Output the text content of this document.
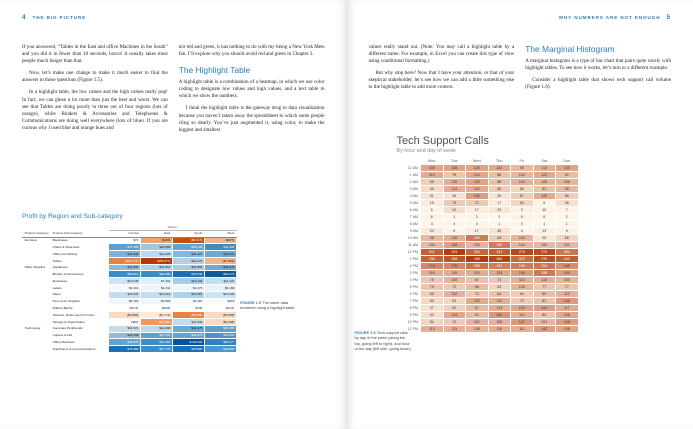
4 THE BIG PICTURE

If you answered, “Tables in the East and office Machines in the South” and you did it in fewer than 10 seconds, bravo! It usually takes most people much longer than that.

Now, let’s make one change to make it much easier to find the answers to those questions (Figure 1.5).

In a highlight table, the low values and the high values really pop! In fact, we can glean a lot more than just the best and worst. We can see that Tables are doing poorly in three out of four regions (lots of orange), while Binders & Accessories and Telephones & Communications are doing well everywhere (lots of blue). If you are curious why I used blue and orange hues and

not red and green, it has nothing to do with my being a New York Mets fan. I’ll explore why you should avoid red and green in Chapter 3.

The Highlight Table

A highlight table is a combination of a heatmap, in which we use color coding to designate low values and high values, and a text table in which we show the numbers.

I think the highlight table is the gateway drug to data visualization because you haven’t taken away the spreadsheet to which some people cling so dearly. You’ve just augmented it, using color, to make the biggest and smallest

Profit by Region and Sub-category
		Region			
Product Category	Product Sub-category	Central	East	South	West
Furniture	Bookcases	$73	($483)	($2,417)	($676)
	Chairs & Chairmats	$37,365	$22,583	$34,225	$44,408
	Office Furnishings	$26,295	$14,525	$25,121	$30,941
	Tables	($18,777)	($56,677)	$16,173	($7,063)
Office Supplies	Appliances	$22,990	$16,812	$18,986	$31,275
	Binders & Accessories	$50,812	$52,586	$70,541	$92,273
	Envelopes	$10,645	$7,462	$19,136	$11,222
	Labels	$2,419	$4,341	$3,479	$6,166
	Paper	$11,047	$10,910	$16,987	$10,406
	Pens & Art Supplies	$2,781	$2,850	$1,287	$918
	Rubber Bands	($174)	($238)	$136	($131)
	Scissors, Rulers and Trimmers	($3,566)	($1,774)	($6,903)	($3,968)
	Storage & Organization	($60)	($7,230)	$11,936	($2,038)
Technology	Computer Peripherals	$11,971	$14,808	$30,475	$37,285
	Copiers & Fax	$23,208	$37,594	$36,474	$39,524
	Office Machines	$36,876	$47,283	$129,090	$60,377
	Telephones & Communications	$79,355	$57,725	$78,981	$46,891
FIGURE 1.5 The same data rendered using a highlight table.
WHY NUMBERS ARE NOT ENOUGH 5

values really stand out. (Note: You may call a highlight table by a different name. For example, in Excel you can create this type of view using conditional formatting.)

But why stop here? Now that I have your attention, or that of your skeptical stakeholder, let’s see how we can add a little something else to the highlight table to add more context.

The Marginal Histogram

A marginal histogram is a type of bar chart that pairs quite nicely with highlight tables. To see how it works, let’s turn to a different example.

Consider a highlight table that shows tech support call volume (Figure 1.6).

Tech Support Calls
By hour and day of week
	Mon	Tue	Wed	Thu	Fri	Sat	Sun
12 AM	130	136	130	122	98	113	130
1 AM	119	79	124	86	104	122	92
2 AM	65	115	133	88	109	105	106
3 AM	46	114	119	68	56	83	98
4 AM	31	35	142	30	67	120	66
5 AM	19	73	72	17	53	6	36
6 AM	6	42	17	29	9	10	7
7 AM	6	1	3	2	9	6	2
8 AM	4	4	4	1	3	1	1
9 AM	23	6	17	35	4	13	9
10 AM	98	115	199	69	104	25	56
11 AM	100	135	105	195	104	100	101
12 PM	241	294	230	243	276	273	204
1 PM	236	258	298	284	223	270	242
2 PM	174	176	208	191	196	204	168
3 PM	116	119	119	129	146	198	144
4 PM	75	106	87	74	110	113	103
5 PM	79	72	96	53	105	77	77
6 PM	69	112	73	84	69	89	112
7 PM	50	53	122	113	70	82	146
8 PM	37	62	97	113	133	141	117
9 PM	42	124	94	154	113	82	125
10 PM	54	70	110	108	147	101	146
11 PM	113	113	108	115	111	142	128
FIGURE 1.6 Tech support calls by day of the week (along the top, going left to right), and hour of the day (left side, going down).
